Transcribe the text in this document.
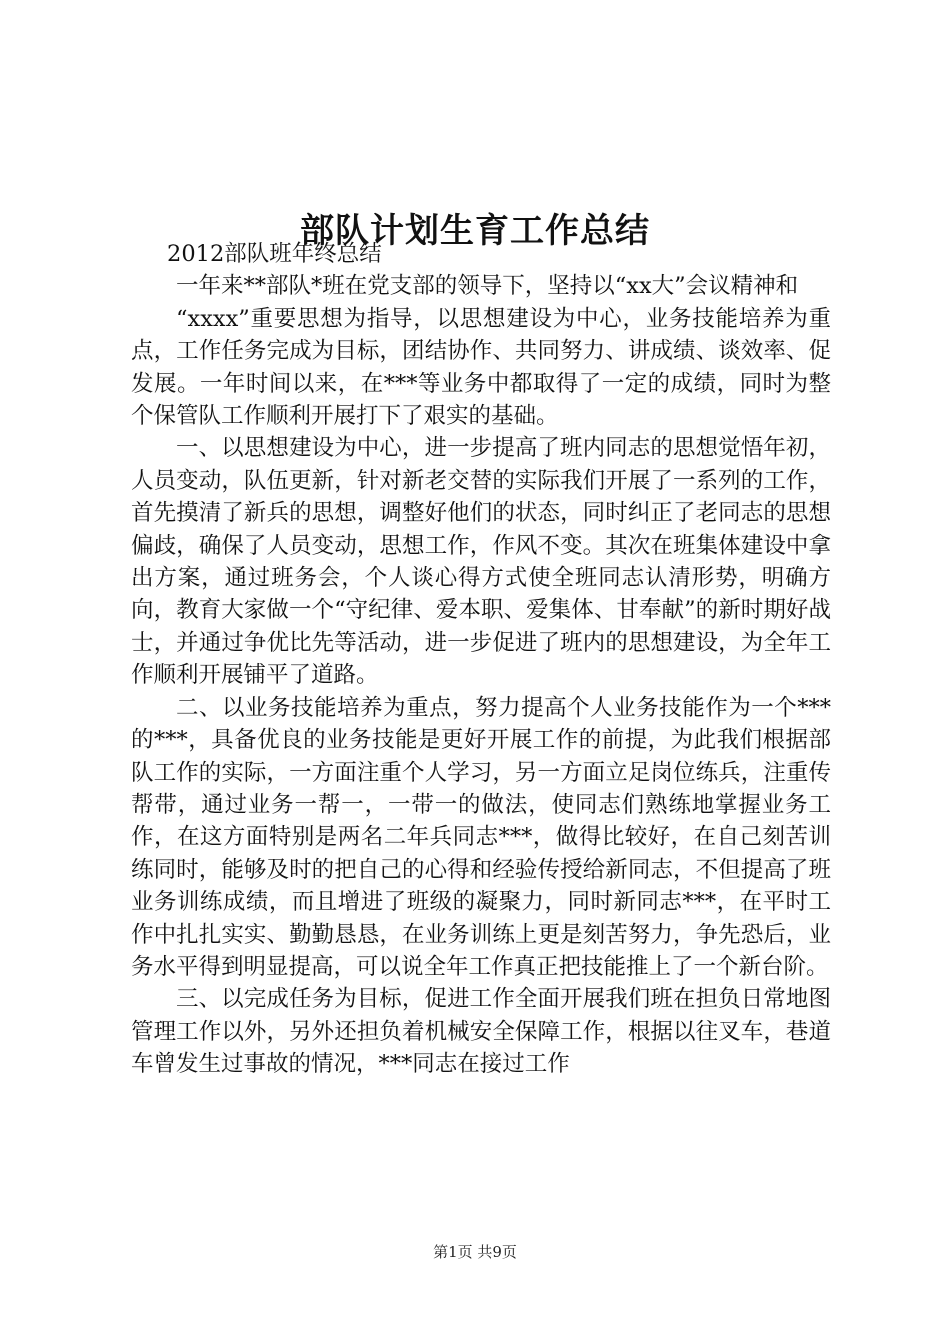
部队计划生育工作总结

2012部队班年终总结

一年来**部队*班在党支部的领导下，坚持以“xx大”会议精神和

“xxxx”重要思想为指导，以思想建设为中心，业务技能培养为重点，工作任务完成为目标，团结协作、共同努力、讲成绩、谈效率、促发展。一年时间以来，在***等业务中都取得了一定的成绩，同时为整个保管队工作顺利开展打下了艰实的基础。

一、以思想建设为中心，进一步提高了班内同志的思想觉悟年初，人员变动，队伍更新，针对新老交替的实际我们开展了一系列的工作，首先摸清了新兵的思想，调整好他们的状态，同时纠正了老同志的思想偏歧，确保了人员变动，思想工作，作风不变。其次在班集体建设中拿出方案，通过班务会，个人谈心得方式使全班同志认清形势，明确方向，教育大家做一个“守纪律、爱本职、爱集体、甘奉献”的新时期好战士，并通过争优比先等活动，进一步促进了班内的思想建设，为全年工作顺利开展铺平了道路。

二、以业务技能培养为重点，努力提高个人业务技能作为一个***的***，具备优良的业务技能是更好开展工作的前提，为此我们根据部队工作的实际，一方面注重个人学习，另一方面立足岗位练兵，注重传帮带，通过业务一帮一，一带一的做法，使同志们熟练地掌握业务工作，在这方面特别是两名二年兵同志***，做得比较好，在自己刻苦训练同时，能够及时的把自己的心得和经验传授给新同志，不但提高了班业务训练成绩，而且增进了班级的凝聚力，同时新同志***，在平时工作中扎扎实实、勤勤恳恳，在业务训练上更是刻苦努力，争先恐后，业务水平得到明显提高，可以说全年工作真正把技能推上了一个新台阶。

三、以完成任务为目标，促进工作全面开展我们班在担负日常地图管理工作以外，另外还担负着机械安全保障工作，根据以往叉车，巷道车曾发生过事故的情况，***同志在接过工作

第1页 共9页
